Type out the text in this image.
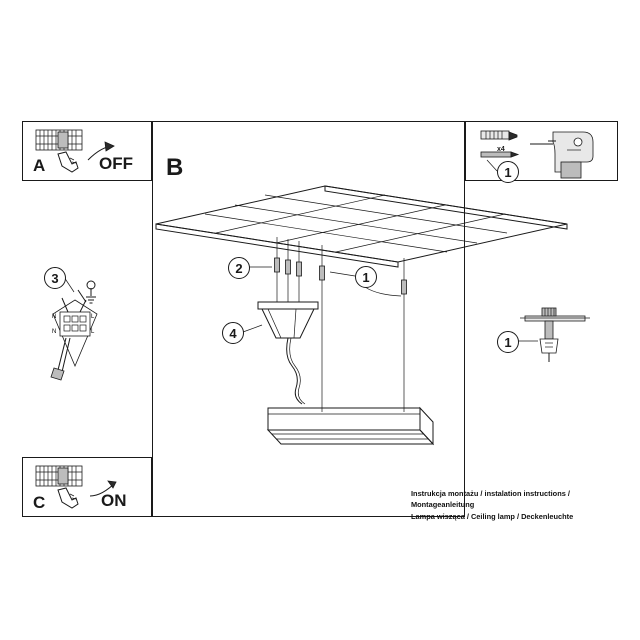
N	L
N	L
A	OFF B
C	ON
1
2
4
3
1
1
x4
Instrukcja montażu / instalation instructions / Montageanleitung
Lampa wisząca / Ceiling lamp / Deckenleuchte
